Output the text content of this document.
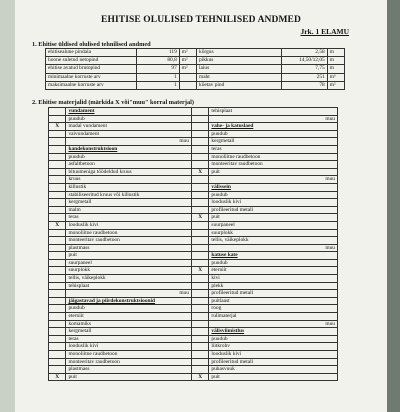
EHITISE OLULISED TEHNILISED ANDMED
Jrk. 1 ELAMU
1. Ehitise üldised olulised tehnilised andmed
ehitisealune pindala	119	m²	kõrgus	2,58	m
hoone suletud netopind	80,8	m²	pikkus	14,50/12,05	m
ehitise avatud brutopind	97	m²	laius	7,75	m
minimaalne korruste arv	1		maht	251	m³
maksimaalne korruste arv	1		kõetav pind	78	m²
2. Ehitise materjalid (märkida X või"muu" korral materjal)
	vundament		tehisplaat
	puudub		muu
X	madal vundament		vahe- ja katuslaed
	vaivundament		puudub
	muu		kergmetall
	kandekonstruktsioon		teras
	puudub		monoliitne raudbetoon
	asfaltbetoon		monteeritav raudbetoon
	bituumeniga töödeldud kruus	X	puit
	kruus		muu
	killustik		välissein
	stabiliseeritud kruus või killustik		puudub
	kergmetall		looduslik kivi
	malm		profileeritud metall
	teras	X	puit
X	looduslik kivi		suurpaneel
	monoliitne raudbetoon		suurplokk
	monteeritav raudbetoon		tellis, väikeplokk
	plastmass		muu
	puit		katuse kate
	suurpaneel		puudub
	suurplokk	X	eterniit
	tellis, väikeplokk		kivi
	tehisplaat		plekk
	muu		profileeritud metall
	jäigastavad ja piirdekonstruktsioonid		puitlaast
	puudub		roog
	eterniit		rullmaterjal
	komamiks		muu
	kergmetall		välisviimistlus
	teras		puudub
	looduslik kivi		liitkrohv
	monoliitne raudbetoon		looduslik kivi
	monteeritav raudbetoon		profileeritud metall
	plastmass		puhasvuuk
X	puit	X	puit
